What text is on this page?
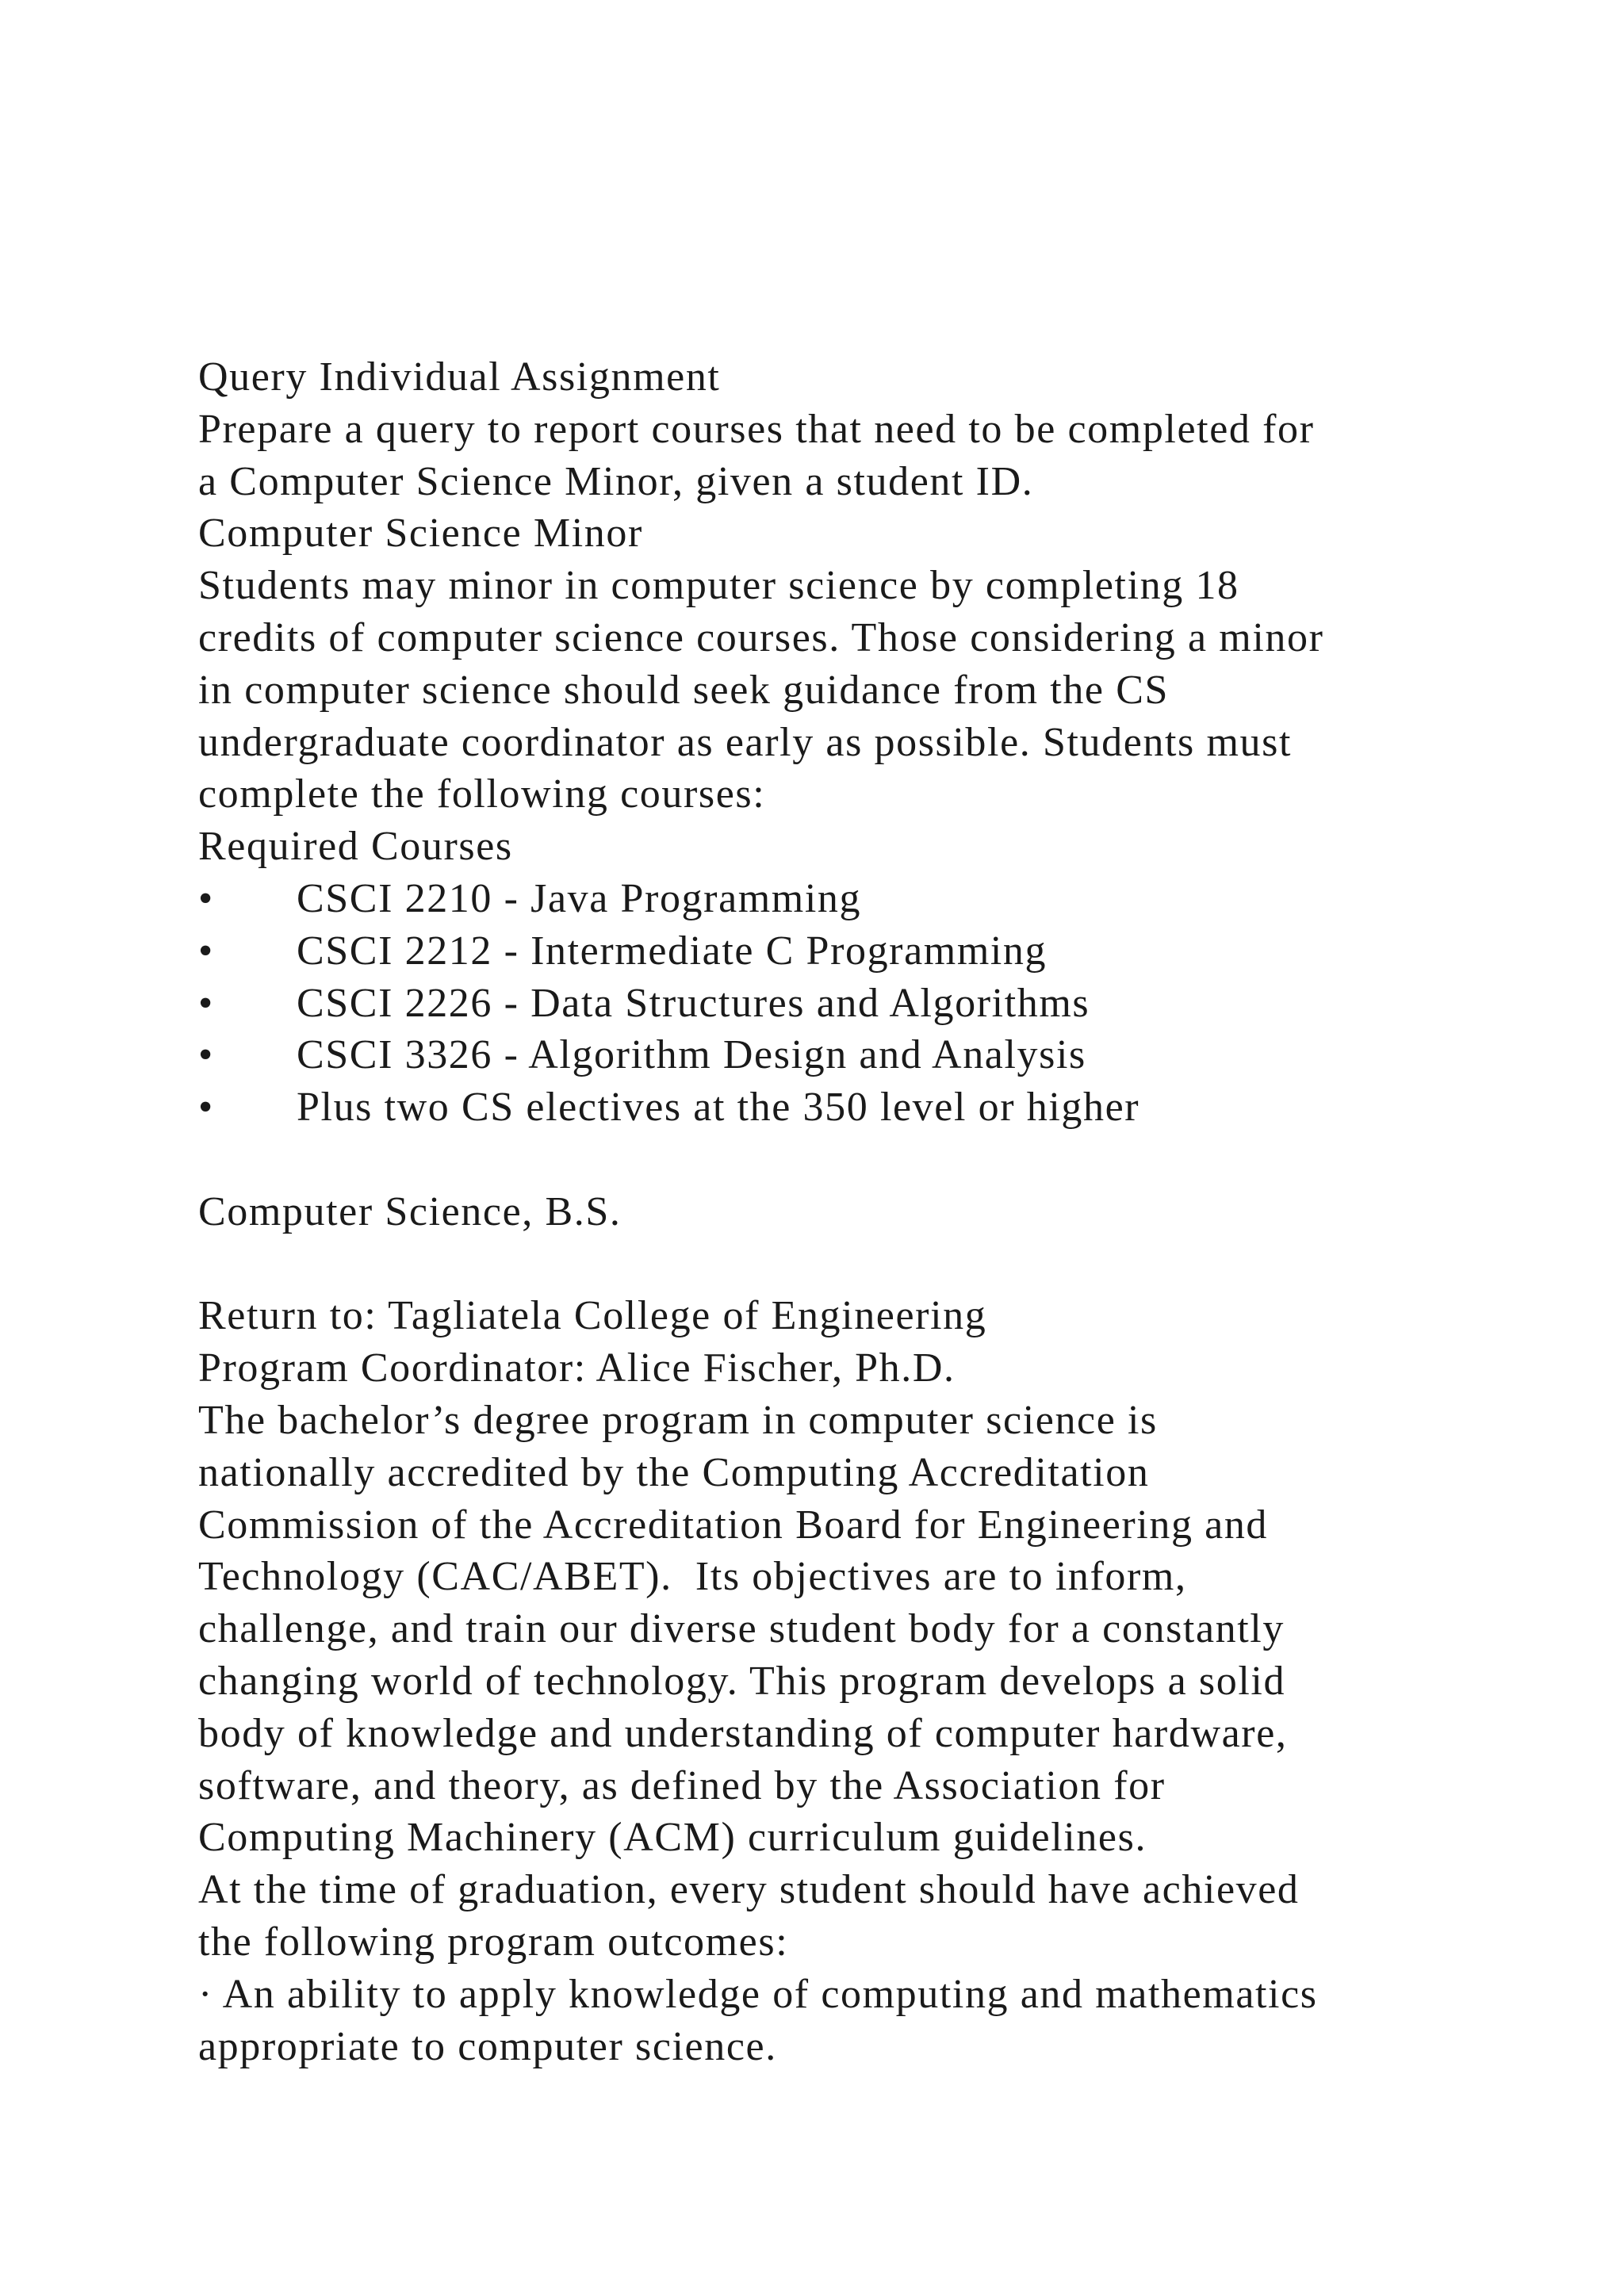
Query Individual Assignment
Prepare a query to report courses that need to be completed for
a Computer Science Minor, given a student ID.
Computer Science Minor
Students may minor in computer science by completing 18
credits of computer science courses. Those considering a minor
in computer science should seek guidance from the CS
undergraduate coordinator as early as possible. Students must
complete the following courses:
Required Courses
•	CSCI 2210 - Java Programming
•	CSCI 2212 - Intermediate C Programming
•	CSCI 2226 - Data Structures and Algorithms
•	CSCI 3326 - Algorithm Design and Analysis
•	Plus two CS electives at the 350 level or higher
Computer Science, B.S.
Return to: Tagliatela College of Engineering
Program Coordinator: Alice Fischer, Ph.D.
The bachelor’s degree program in computer science is
nationally accredited by the Computing Accreditation
Commission of the Accreditation Board for Engineering and
Technology (CAC/ABET).  Its objectives are to inform,
challenge, and train our diverse student body for a constantly
changing world of technology. This program develops a solid
body of knowledge and understanding of computer hardware,
software, and theory, as defined by the Association for
Computing Machinery (ACM) curriculum guidelines.
At the time of graduation, every student should have achieved
the following program outcomes:
· An ability to apply knowledge of computing and mathematics
appropriate to computer science.
